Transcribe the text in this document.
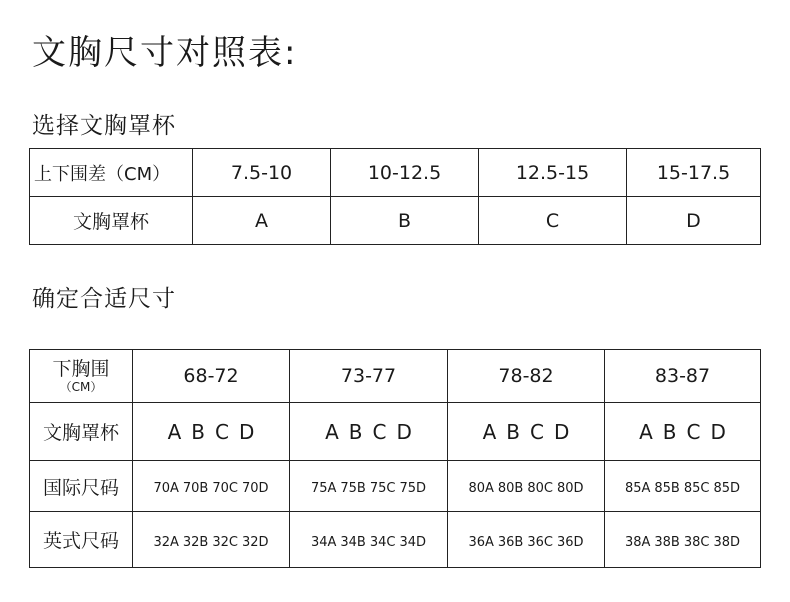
文胸尺寸对照表:
选择文胸罩杯
上下围差（CM）	7.5-10	10-12.5	12.5-15	15-17.5
文胸罩杯	A	B	C	D
确定合适尺寸
下胸围
（CM）	68-72	73-77	78-82	83-87
文胸罩杯	A B C D	A B C D	A B C D	A B C D
国际尺码	70A 70B 70C 70D	75A 75B 75C 75D	80A 80B 80C 80D	85A 85B 85C 85D
英式尺码	32A 32B 32C 32D	34A 34B 34C 34D	36A 36B 36C 36D	38A 38B 38C 38D
